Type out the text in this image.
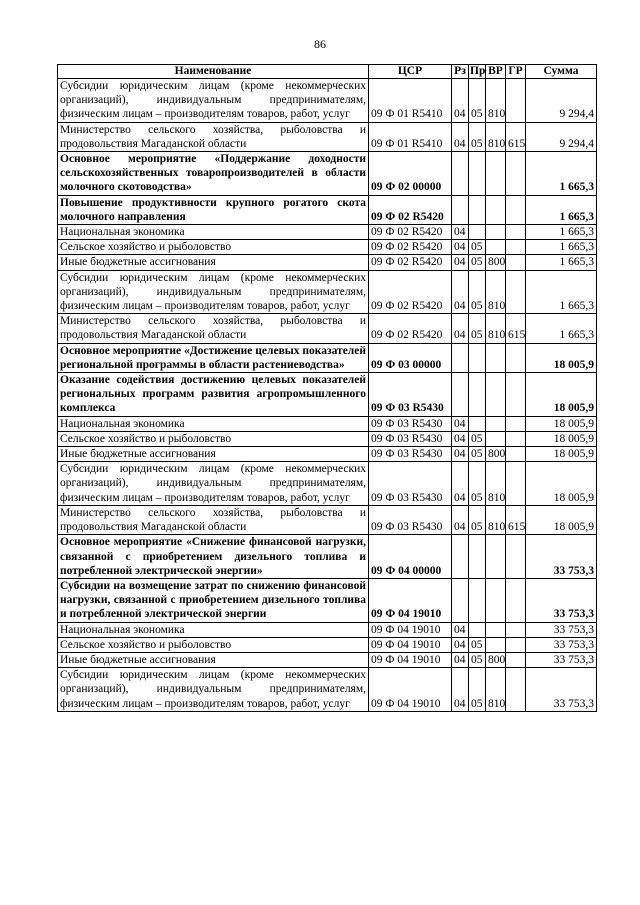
86
Наименование	ЦСР	Рз	Пр	ВР	ГР	Сумма
Субсидии юридическим лицам (кроме некоммерческих организаций), индивидуальным предпринимателям, физическим лицам – производителям товаров, работ, услуг	09 Ф 01 R5410	04	05	810		9 294,4
Министерство сельского хозяйства, рыболовства и продовольствия Магаданской области	09 Ф 01 R5410	04	05	810	615	9 294,4
Основное мероприятие «Поддержание доходности сельскохозяйственных товаропроизводителей в области молочного скотоводства»	09 Ф 02 00000					1 665,3
Повышение продуктивности крупного рогатого скота молочного направления	09 Ф 02 R5420					1 665,3
Национальная экономика	09 Ф 02 R5420	04				1 665,3
Сельское хозяйство и рыболовство	09 Ф 02 R5420	04	05			1 665,3
Иные бюджетные ассигнования	09 Ф 02 R5420	04	05	800		1 665,3
Субсидии юридическим лицам (кроме некоммерческих организаций), индивидуальным предпринимателям, физическим лицам – производителям товаров, работ, услуг	09 Ф 02 R5420	04	05	810		1 665,3
Министерство сельского хозяйства, рыболовства и продовольствия Магаданской области	09 Ф 02 R5420	04	05	810	615	1 665,3
Основное мероприятие «Достижение целевых показателей региональной программы в области растениеводства»	09 Ф 03 00000					18 005,9
Оказание содействия достижению целевых показателей региональных программ развития агропромышленного комплекса	09 Ф 03 R5430					18 005,9
Национальная экономика	09 Ф 03 R5430	04				18 005,9
Сельское хозяйство и рыболовство	09 Ф 03 R5430	04	05			18 005,9
Иные бюджетные ассигнования	09 Ф 03 R5430	04	05	800		18 005,9
Субсидии юридическим лицам (кроме некоммерческих организаций), индивидуальным предпринимателям, физическим лицам – производителям товаров, работ, услуг	09 Ф 03 R5430	04	05	810		18 005,9
Министерство сельского хозяйства, рыболовства и продовольствия Магаданской области	09 Ф 03 R5430	04	05	810	615	18 005,9
Основное мероприятие «Снижение финансовой нагрузки, связанной с приобретением дизельного топлива и потребленной электрической энергии»	09 Ф 04 00000					33 753,3
Субсидии на возмещение затрат по снижению финансовой нагрузки, связанной с приобретением дизельного топлива и потребленной электрической энергии	09 Ф 04 19010					33 753,3
Национальная экономика	09 Ф 04 19010	04				33 753,3
Сельское хозяйство и рыболовство	09 Ф 04 19010	04	05			33 753,3
Иные бюджетные ассигнования	09 Ф 04 19010	04	05	800		33 753,3
Субсидии юридическим лицам (кроме некоммерческих организаций), индивидуальным предпринимателям, физическим лицам – производителям товаров, работ, услуг	09 Ф 04 19010	04	05	810		33 753,3
